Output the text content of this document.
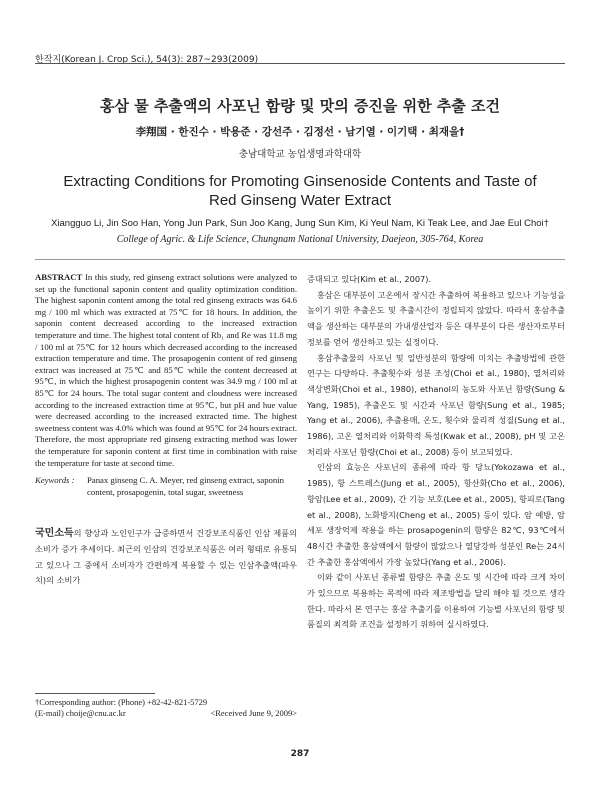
한작지(Korean J. Crop Sci.), 54(3): 287~293(2009)
홍삼 물 추출액의 사포닌 함량 및 맛의 증진을 위한 추출 조건
李翔国 · 한진수 · 박용준 · 강선주 · 김정선 · 남기열 · 이기택 · 최재을†
충남대학교 농업생명과학대학
Extracting Conditions for Promoting Ginsenoside Contents and Taste of
Red Ginseng Water Extract
Xiangguo Li, Jin Soo Han, Yong Jun Park, Sun Joo Kang, Jung Sun Kim, Ki Yeul Nam, Ki Teak Lee, and Jae Eul Choi†
College of Agric. & Life Science, Chungnam National University, Daejeon, 305-764, Korea

ABSTRACT In this study, red ginseng extract solutions were analyzed to set up the functional saponin content and quality optimization condition. The highest saponin content among the total red ginseng extracts was 64.6 mg / 100 ml which was extracted at 75℃ for 18 hours. In addition, the saponin content decreased according to the increased extraction temperature and time. The highest total content of Rb₁ and Re was 11.8 mg / 100 ml at 75℃ for 12 hours which decreased according to the increased extraction temperature and time. The prosapogenin content of red ginseng extract was increased at 75℃ and 85℃ while the content decreased at 95℃, in which the highest prosapogenin content was 34.9 mg / 100 ml at 85℃ for 24 hours. The total sugar content and cloudness were increased according to the increased extraction time at 95℃, but pH and hue value were decreased according to the increased extracted time. The highest sweetness content was 4.0% which was found at 95℃ for 24 hours extract. Therefore, the most appropriate red ginseng extracting method was lower the temperature for saponin content at first time in combination with raise the temperature for taste at second time.

Keywords :	Panax ginseng C. A. Meyer, red ginseng extract, saponin content, prosapogenin, total sugar, sweetness

국민소득의 향상과 노인인구가 급증하면서 건강보조식품인 인삼 제품의 소비가 증가 추세이다. 최근의 인삼의 건강보조식품은 여러 형태로 유통되고 있으나 그 중에서 소비자가 간편하게 복용할 수 있는 인삼추출액(파우치)의 소비가

증대되고 있다(Kim et al., 2007).

홍삼은 대부분이 고온에서 장시간 추출하여 복용하고 있으나 기능성을 높이기 위한 추출온도 및 추출시간이 정립되지 않았다. 따라서 홍삼추출액을 생산하는 대부분의 가내생산업자 등은 대부분이 다른 생산자로부터 정보를 얻어 생산하고 있는 실정이다.

홍삼추출물의 사포닌 및 일반성분의 함량에 미치는 추출방법에 관한 연구는 다양하다. 추출횟수와 성분 조성(Choi et al., 1980), 열처리와 색상변화(Choi et al., 1980), ethanol의 농도와 사포닌 함량(Sung & Yang, 1985), 추출온도 및 시간과 사포닌 함량(Sung et al., 1985; Yang et al., 2006), 추출용매, 온도, 횟수와 물리적 성질(Sung et al., 1986), 고온 열처리와 이화학적 특성(Kwak et al., 2008), pH 및 고온처리와 사포닌 함량(Choi et al., 2008) 등이 보고되었다.

인삼의 효능은 사포닌의 종류에 따라 항 당뇨(Yokozawa et al., 1985), 항 스트레스(Jung et al., 2005), 항산화(Cho et al., 2006), 항암(Lee et al., 2009), 간 기능 보호(Lee et al., 2005), 항피로(Tang et al., 2008), 노화방지(Cheng et al., 2005) 등이 있다. 암 예방, 암세포 생장억제 작용을 하는 prosapogenin의 함량은 82℃, 93℃에서 48시간 추출한 홍삼액에서 함량이 많았으나 열당강하 성분인 Re는 24시간 추출한 홍삼액에서 가장 높았다(Yang et al., 2006).

이와 같이 사포닌 종류별 함량은 추출 온도 및 시간에 따라 크게 차이가 있으므로 복용하는 목적에 따라 제조방법을 달리 해야 될 것으로 생각한다. 따라서 본 연구는 홍삼 추출기를 이용하여 기능별 사포닌의 함량 및 품질의 최적화 조건을 설정하기 위하여 실시하였다.

†Corresponding author: (Phone) +82-42-821-5729
(E-mail) choije@cnu.ac.kr	<Received June 9, 2009>
287
